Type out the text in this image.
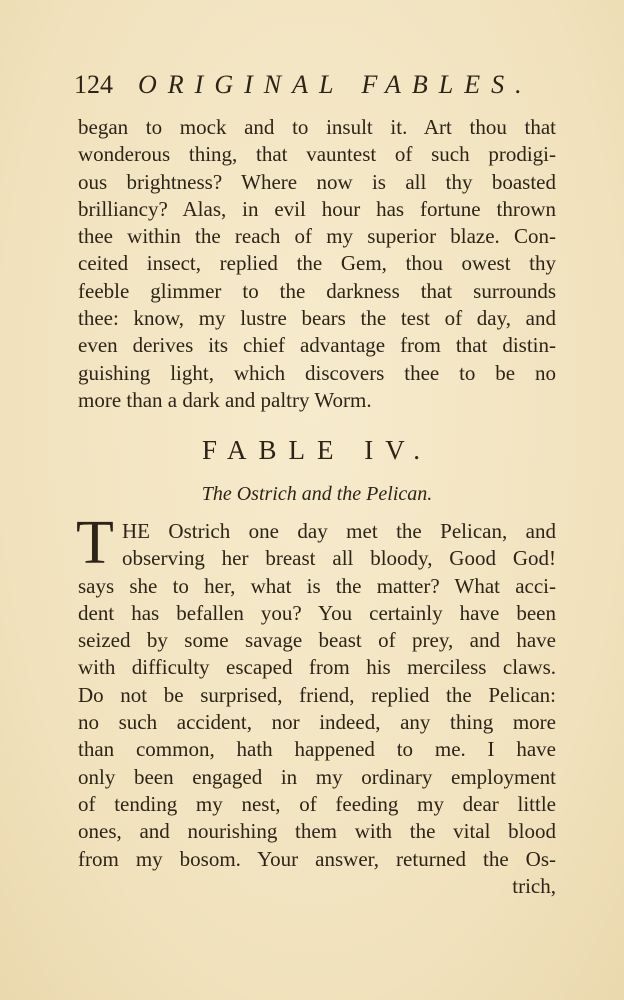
124 ORIGINAL FABLES.
began to mock and to insult it. Art thou that
wonderous thing, that vauntest of such prodigi-
ous brightness? Where now is all thy boasted
brilliancy? Alas, in evil hour has fortune thrown
thee within the reach of my superior blaze. Con-
ceited insect, replied the Gem, thou owest thy
feeble glimmer to the darkness that surrounds
thee: know, my lustre bears the test of day, and
even derives its chief advantage from that distin-
guishing light, which discovers thee to be no
more than a dark and paltry Worm.
FABLE IV.
The Ostrich and the Pelican.
T HE Ostrich one day met the Pelican, and
observing her breast all bloody, Good God!
says she to her, what is the matter? What acci-
dent has befallen you? You certainly have been
seized by some savage beast of prey, and have
with difficulty escaped from his merciless claws.
Do not be surprised, friend, replied the Pelican:
no such accident, nor indeed, any thing more
than common, hath happened to me. I have
only been engaged in my ordinary employment
of tending my nest, of feeding my dear little
ones, and nourishing them with the vital blood
from my bosom. Your answer, returned the Os-
trich,
